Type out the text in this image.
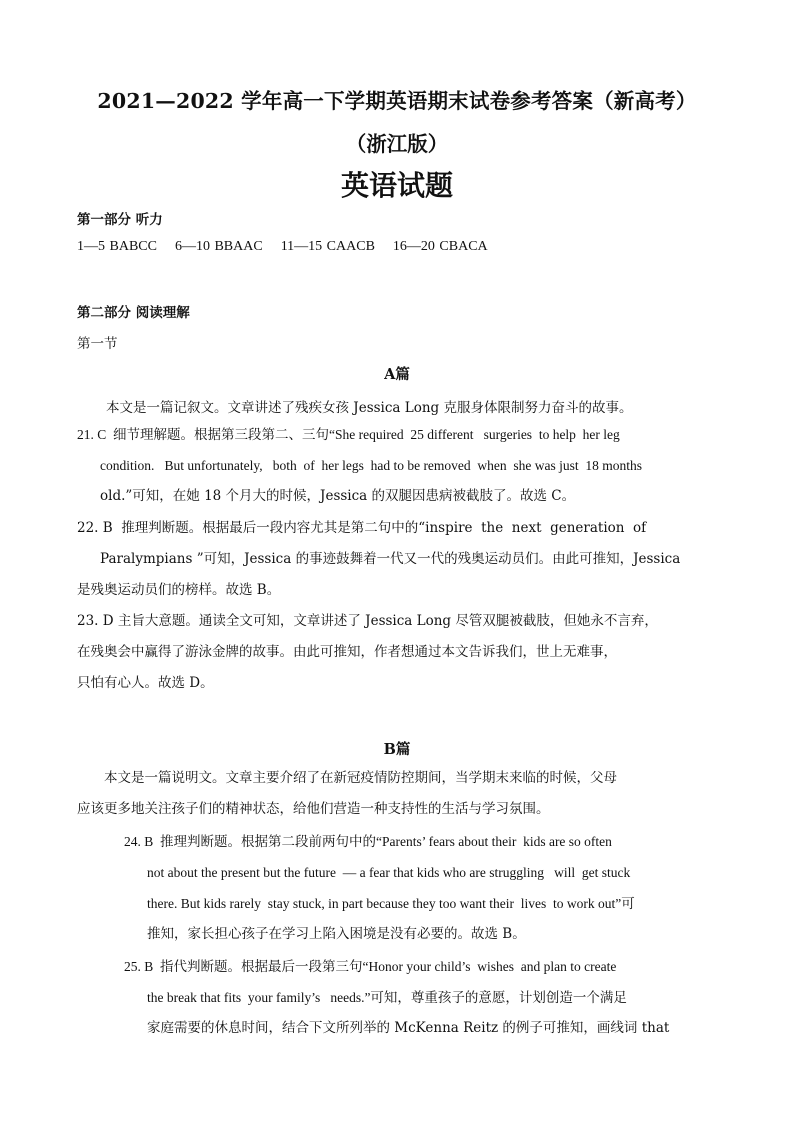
2021—2022 学年高一下学期英语期末试卷参考答案（新高考）
（浙江版）
英语试题
第一部分 听力
1—5 BABCC    6—10 BBAAC    11—15 CAACB    16—20 CBACA
第二部分 阅读理解
第一节
A篇
本文是一篇记叙文。文章讲述了残疾女孩 Jessica Long 克服身体限制努力奋斗的故事。
21. C  细节理解题。根据第三段第二、三句“She required  25 different   surgeries  to help  her leg
condition.   But unfortunately,   both  of  her legs  had to be removed  when  she was just  18 months
old.”可知，在她 18 个月大的时候，Jessica 的双腿因患病被截肢了。故选 C。
22. B  推理判断题。根据最后一段内容尤其是第二句中的“inspire  the  next  generation  of
Paralympians ”可知，Jessica 的事迹鼓舞着一代又一代的残奥运动员们。由此可推知，Jessica
是残奥运动员们的榜样。故选 B。
23. D 主旨大意题。通读全文可知，文章讲述了 Jessica Long 尽管双腿被截肢，但她永不言弃，
在残奥会中赢得了游泳金牌的故事。由此可推知，作者想通过本文告诉我们，世上无难事，
只怕有心人。故选 D。
B篇
本文是一篇说明文。文章主要介绍了在新冠疫情防控期间，当学期末来临的时候，父母
应该更多地关注孩子们的精神状态，给他们营造一种支持性的生活与学习氛围。
24. B  推理判断题。根据第二段前两句中的“Parents’ fears about their  kids are so often
not about the present but the future  — a fear that kids who are struggling   will  get stuck
there. But kids rarely  stay stuck, in part because they too want their  lives  to work out”可
推知，家长担心孩子在学习上陷入困境是没有必要的。故选 B。
25. B  指代判断题。根据最后一段第三句“Honor your child’s  wishes  and plan to create
the break that fits  your family’s   needs.”可知，尊重孩子的意愿，计划创造一个满足
家庭需要的休息时间，结合下文所列举的 McKenna Reitz 的例子可推知，画线词 that
